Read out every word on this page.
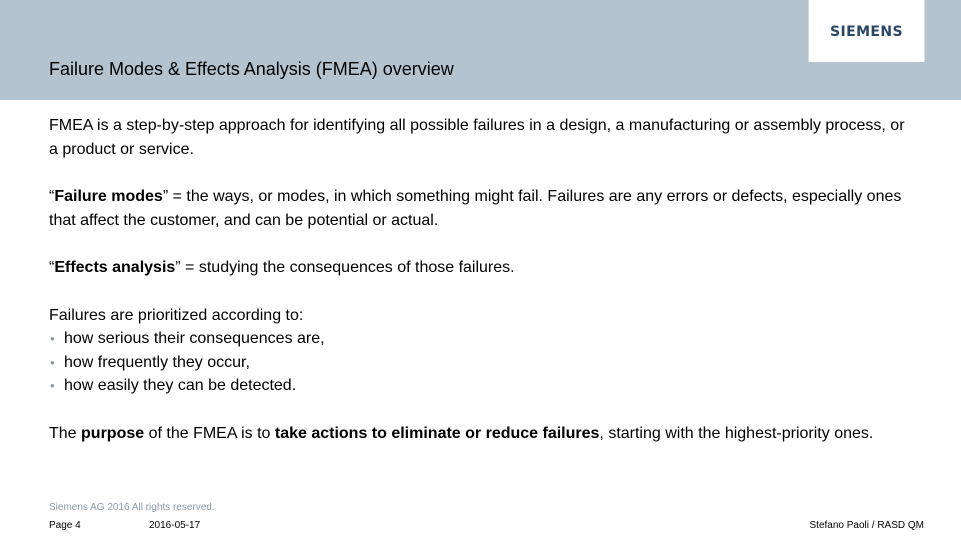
SIEMENS
Failure Modes & Effects Analysis (FMEA) overview

FMEA is a step-by-step approach for identifying all possible failures in a design, a manufacturing or assembly process, or a product or service.

“Failure modes” = the ways, or modes, in which something might fail. Failures are any errors or defects, especially ones that affect the customer, and can be potential or actual.

“Effects analysis” = studying the consequences of those failures.

Failures are prioritized according to:
• how serious their consequences are,
• how frequently they occur,
• how easily they can be detected.

The purpose of the FMEA is to take actions to eliminate or reduce failures, starting with the highest-priority ones.

Siemens AG 2016 All rights reserved.
Page 4	2016-05-17	Stefano Paoli / RASD QM
